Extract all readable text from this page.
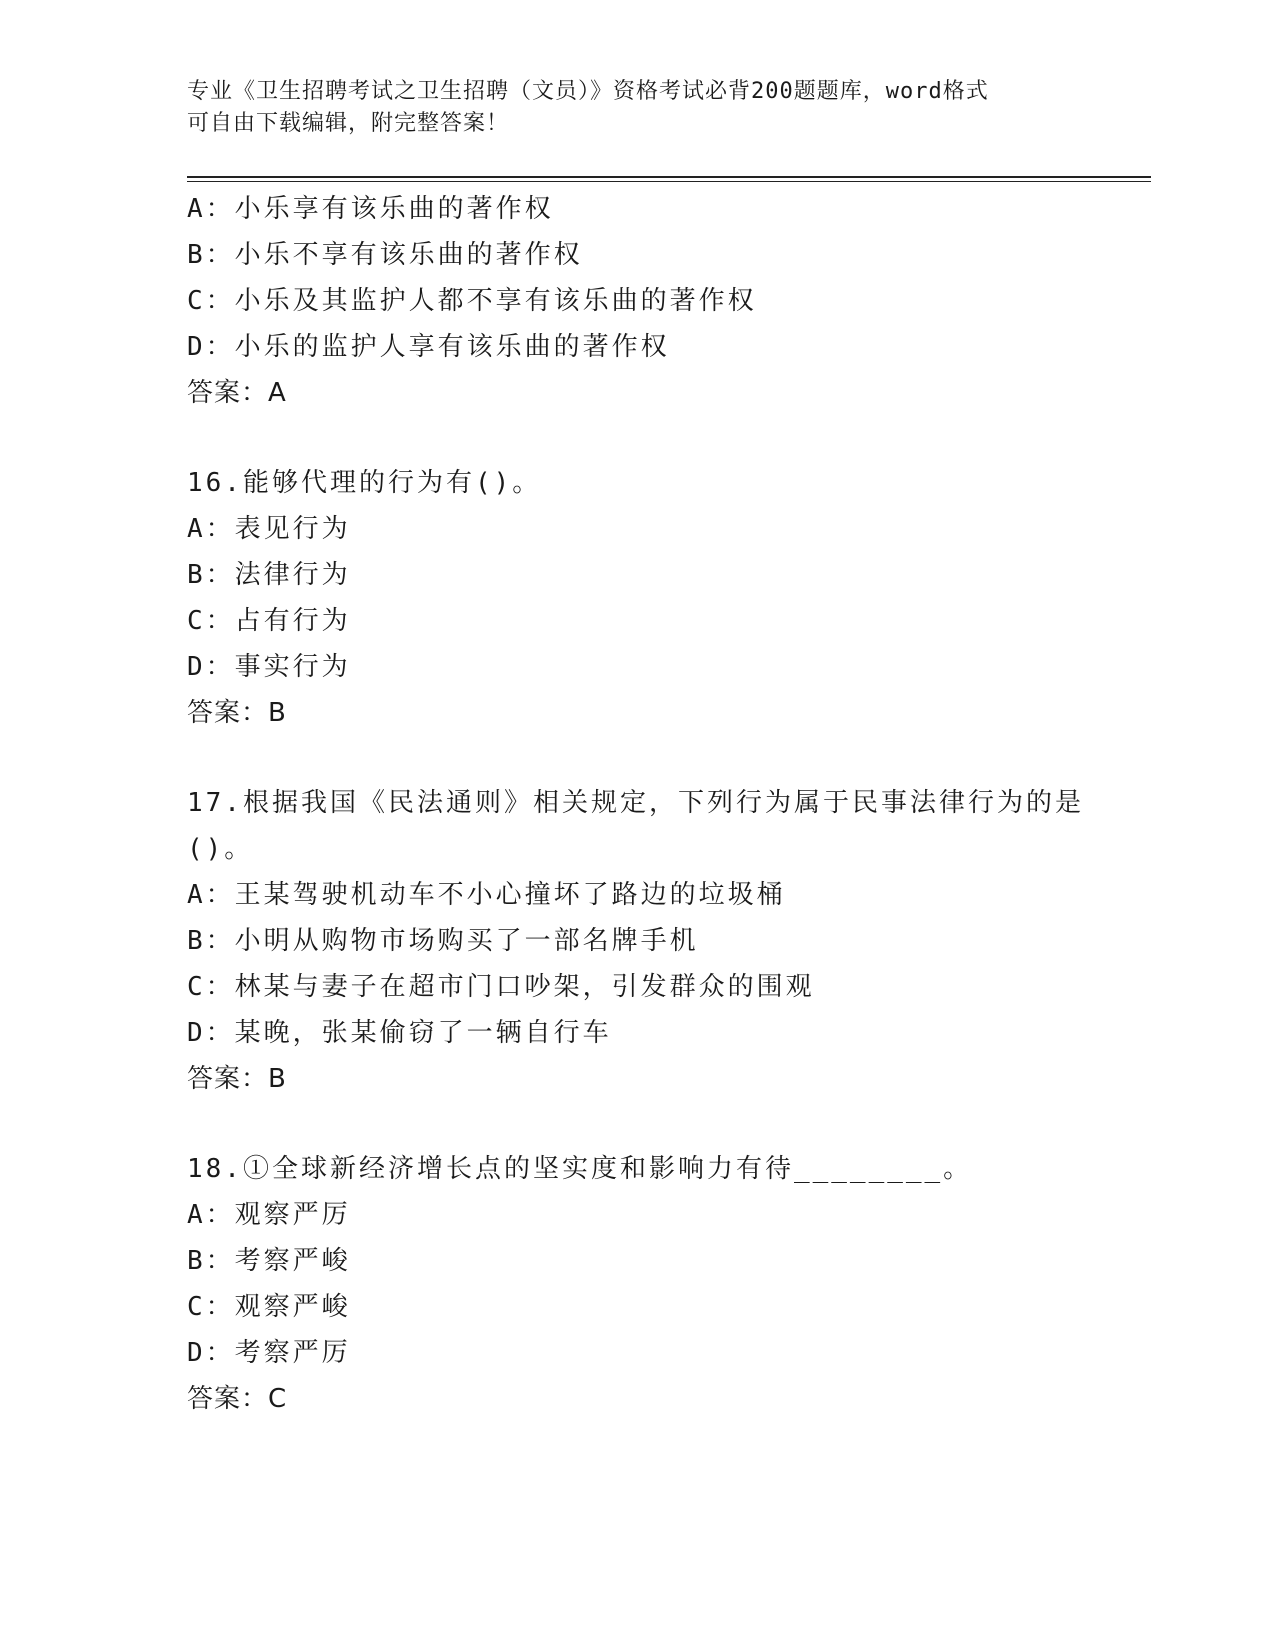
专业《卫生招聘考试之卫生招聘（文员）》资格考试必背200题题库，word格式
可自由下载编辑，附完整答案！
A：小乐享有该乐曲的著作权
B：小乐不享有该乐曲的著作权
C：小乐及其监护人都不享有该乐曲的著作权
D：小乐的监护人享有该乐曲的著作权
答案：A
16.能够代理的行为有()。
A：表见行为
B：法律行为
C：占有行为
D：事实行为
答案：B
17.根据我国《民法通则》相关规定，下列行为属于民事法律行为的是
()。
A：王某驾驶机动车不小心撞坏了路边的垃圾桶
B：小明从购物市场购买了一部名牌手机
C：林某与妻子在超市门口吵架，引发群众的围观
D：某晚，张某偷窃了一辆自行车
答案：B
18.①全球新经济增长点的坚实度和影响力有待________。
A：观察严厉
B：考察严峻
C：观察严峻
D：考察严厉
答案：C
